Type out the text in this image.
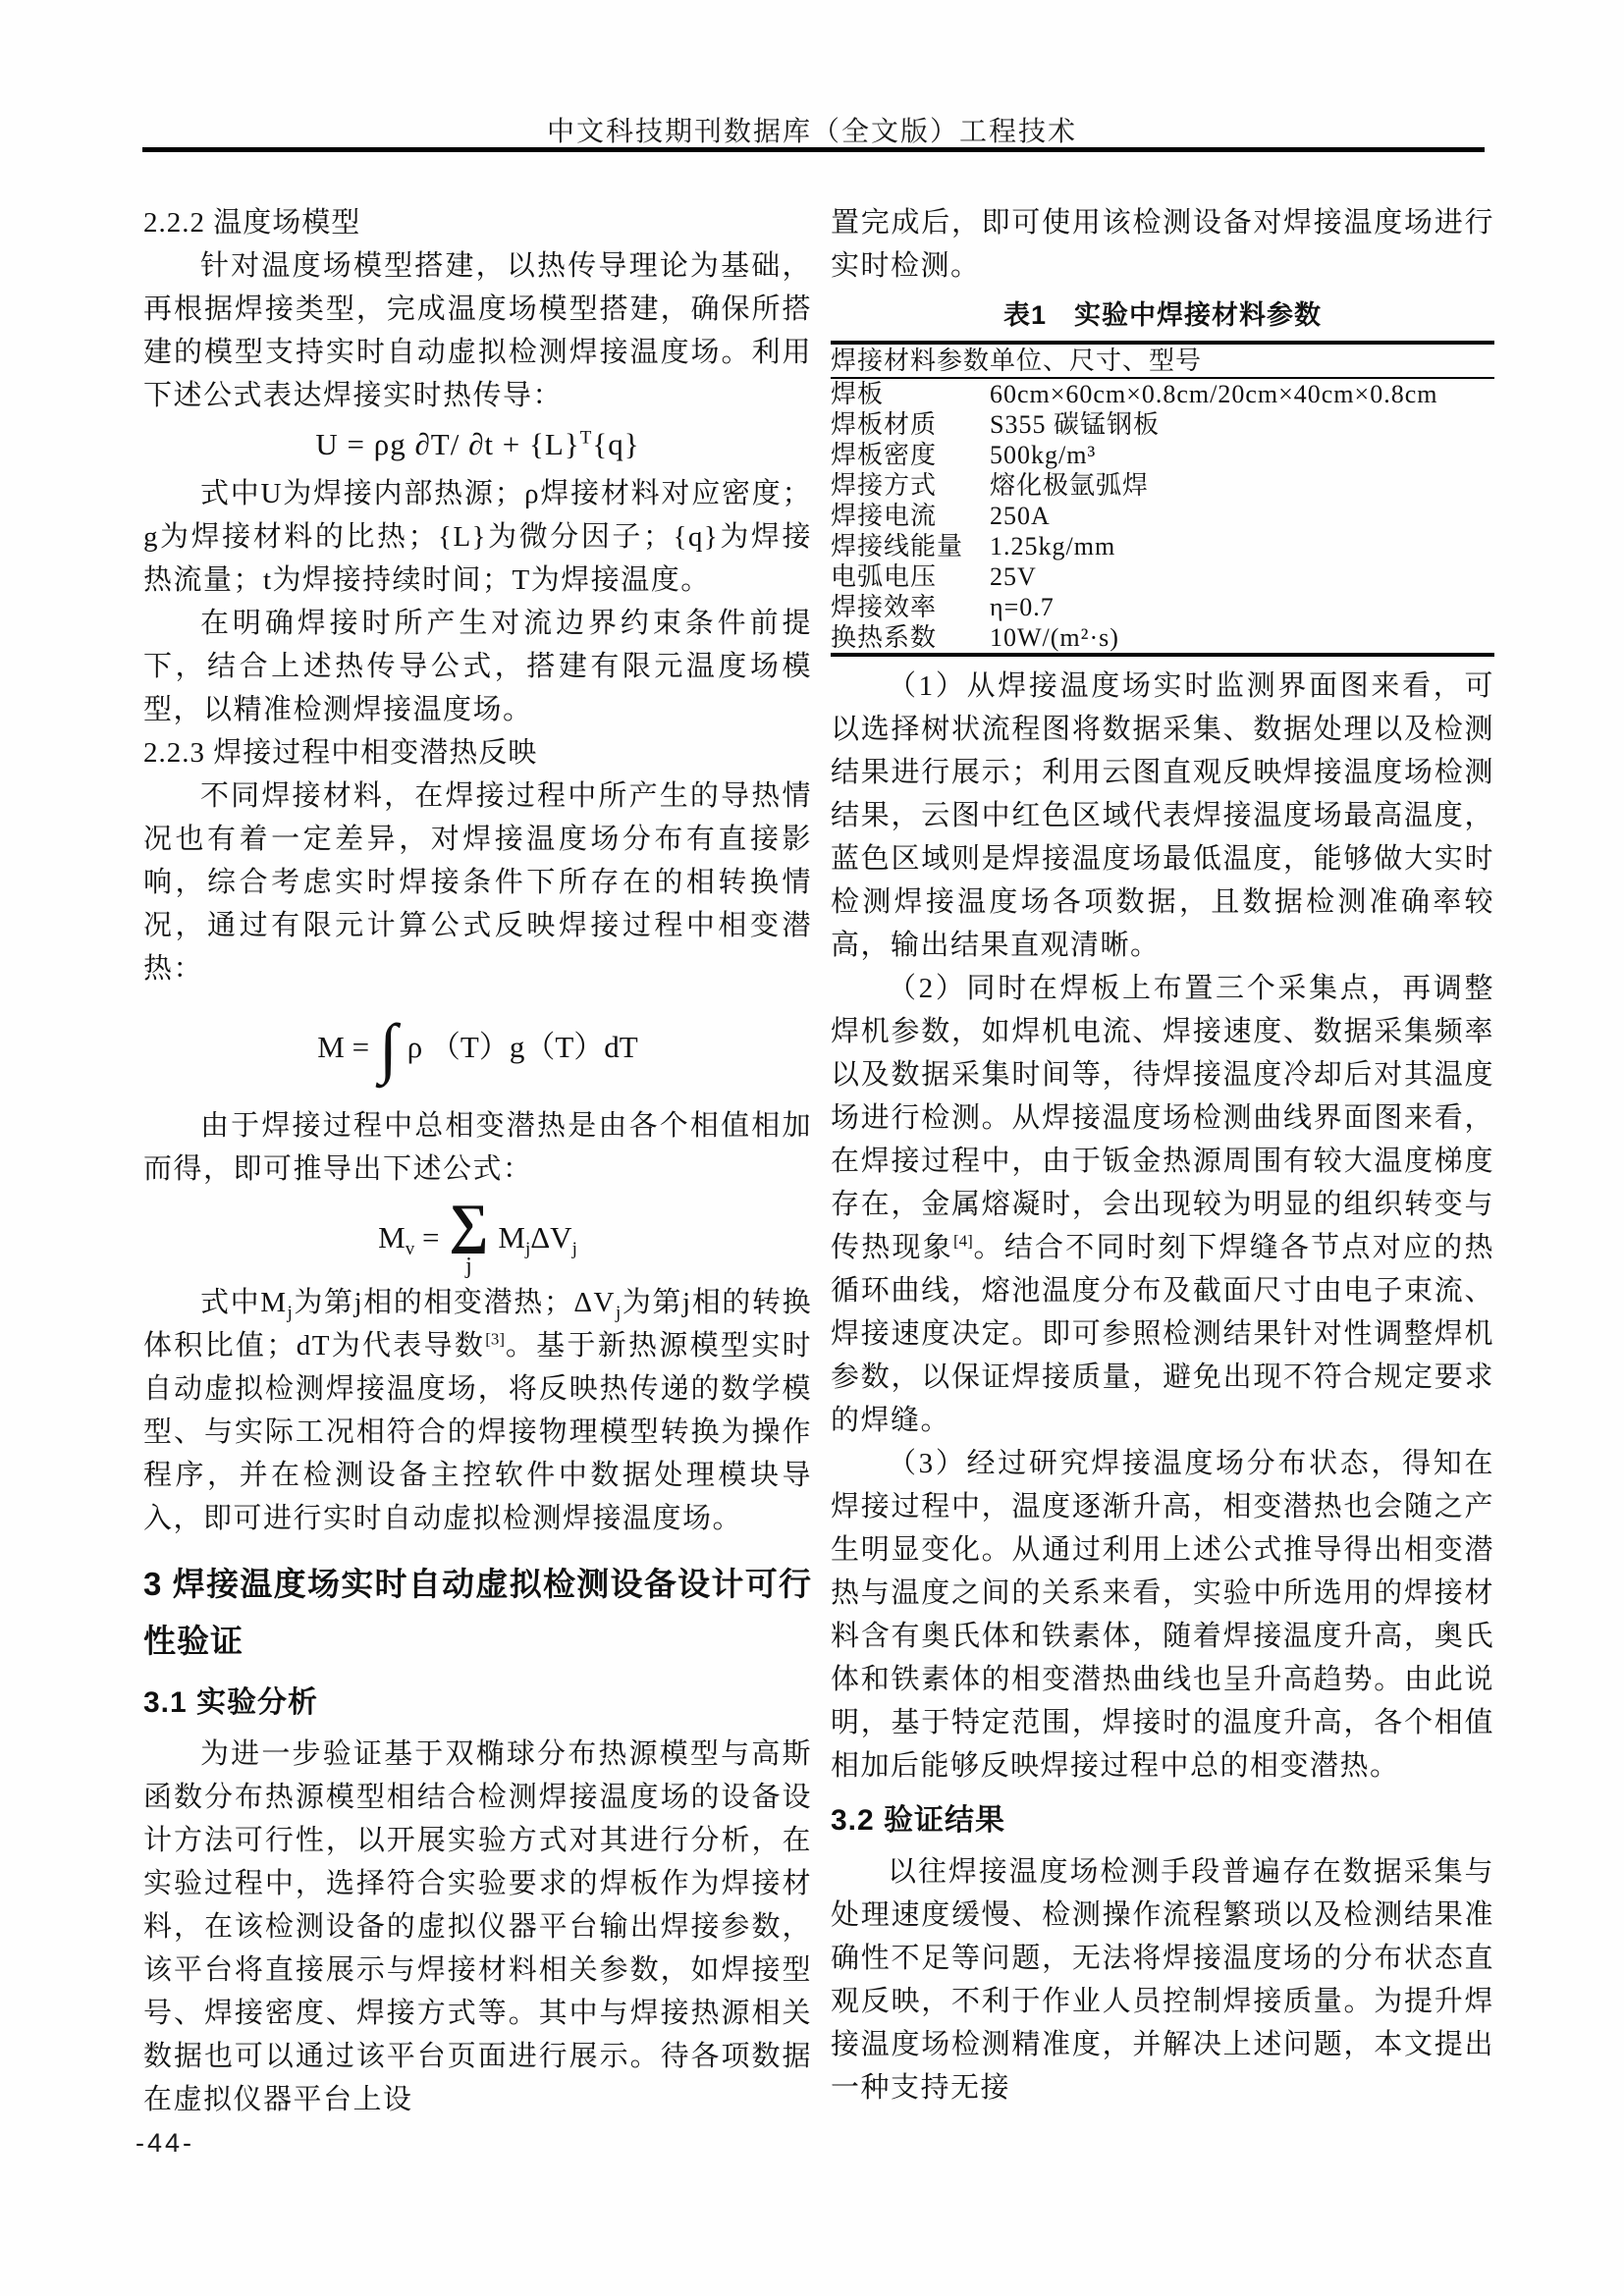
中文科技期刊数据库（全文版）工程技术

2.2.2 温度场模型

针对温度场模型搭建，以热传导理论为基础，再根据焊接类型，完成温度场模型搭建，确保所搭建的模型支持实时自动虚拟检测焊接温度场。利用下述公式表达焊接实时热传导：

U = ρg ∂T/ $\partial t + \{L\}^T\{q\}$

式中U为焊接内部热源；ρ焊接材料对应密度；g为焊接材料的比热；{L}为微分因子；{q}为焊接热流量；t为焊接持续时间；T为焊接温度。

在明确焊接时所产生对流边界约束条件前提下，结合上述热传导公式，搭建有限元温度场模型，以精准检测焊接温度场。

2.2.3 焊接过程中相变潜热反映

不同焊接材料，在焊接过程中所产生的导热情况也有着一定差异，对焊接温度场分布有直接影响，综合考虑实时焊接条件下所存在的相转换情况，通过有限元计算公式反映焊接过程中相变潜热：

M = ∫ ρ （T）g（T）dT

由于焊接过程中总相变潜热是由各个相值相加而得，即可推导出下述公式：

$M_v$ = ∑
j
$M_j\Delta V_j$

式中$M_j$为第j相的相变潜热；$\Delta V_j$为第j相的转换体积比值；dT为代表导数[3]。基于新热源模型实时自动虚拟检测焊接温度场，将反映热传递的数学模型、与实际工况相符合的焊接物理模型转换为操作程序，并在检测设备主控软件中数据处理模块导入，即可进行实时自动虚拟检测焊接温度场。

3 焊接温度场实时自动虚拟检测设备设计可行性验证

3.1 实验分析

为进一步验证基于双椭球分布热源模型与高斯函数分布热源模型相结合检测焊接温度场的设备设计方法可行性，以开展实验方式对其进行分析，在实验过程中，选择符合实验要求的焊板作为焊接材料，在该检测设备的虚拟仪器平台输出焊接参数，该平台将直接展示与焊接材料相关参数，如焊接型号、焊接密度、焊接方式等。其中与焊接热源相关数据也可以通过该平台页面进行展示。待各项数据在虚拟仪器平台上设

置完成后，即可使用该检测设备对焊接温度场进行实时检测。

表1　实验中焊接材料参数
焊接材料参数	单位、尺寸、型号
焊板	60cm×60cm×0.8cm/20cm×40cm×0.8cm
焊板材质	S355 碳锰钢板
焊板密度	500kg/m³
焊接方式	熔化极氩弧焊
焊接电流	250A
焊接线能量	1.25kg/mm
电弧电压	25V
焊接效率	η=0.7
换热系数	10W/(m²·s)

（1）从焊接温度场实时监测界面图来看，可以选择树状流程图将数据采集、数据处理以及检测结果进行展示；利用云图直观反映焊接温度场检测结果，云图中红色区域代表焊接温度场最高温度，蓝色区域则是焊接温度场最低温度，能够做大实时检测焊接温度场各项数据，且数据检测准确率较高，输出结果直观清晰。

（2）同时在焊板上布置三个采集点，再调整焊机参数，如焊机电流、焊接速度、数据采集频率以及数据采集时间等，待焊接温度冷却后对其温度场进行检测。从焊接温度场检测曲线界面图来看，在焊接过程中，由于钣金热源周围有较大温度梯度存在，金属熔凝时，会出现较为明显的组织转变与传热现象[4]。结合不同时刻下焊缝各节点对应的热循环曲线，熔池温度分布及截面尺寸由电子束流、焊接速度决定。即可参照检测结果针对性调整焊机参数，以保证焊接质量，避免出现不符合规定要求的焊缝。

（3）经过研究焊接温度场分布状态，得知在焊接过程中，温度逐渐升高，相变潜热也会随之产生明显变化。从通过利用上述公式推导得出相变潜热与温度之间的关系来看，实验中所选用的焊接材料含有奥氏体和铁素体，随着焊接温度升高，奥氏体和铁素体的相变潜热曲线也呈升高趋势。由此说明，基于特定范围，焊接时的温度升高，各个相值相加后能够反映焊接过程中总的相变潜热。

3.2 验证结果

以往焊接温度场检测手段普遍存在数据采集与处理速度缓慢、检测操作流程繁琐以及检测结果准确性不足等问题，无法将焊接温度场的分布状态直观反映，不利于作业人员控制焊接质量。为提升焊接温度场检测精准度，并解决上述问题，本文提出一种支持无接

-44-
